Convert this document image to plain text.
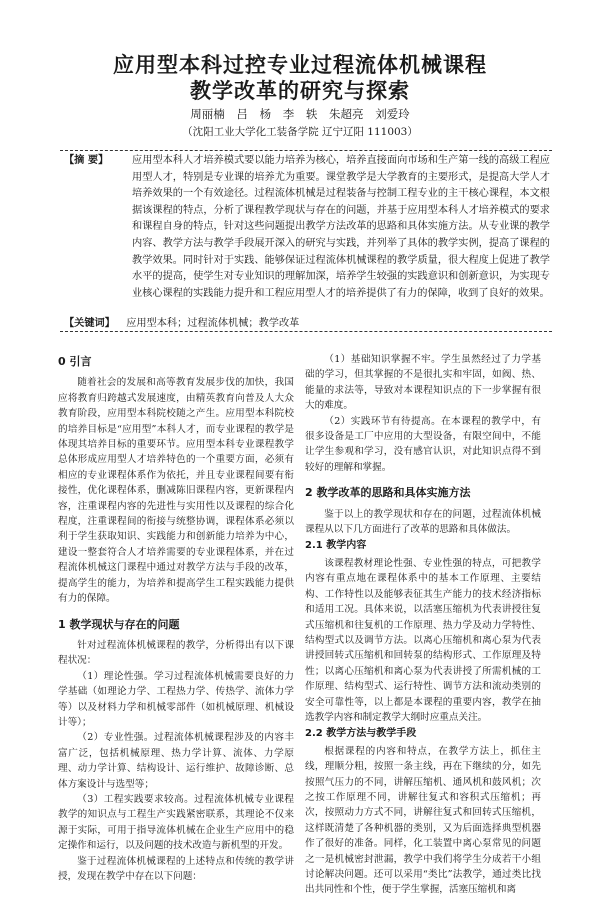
应用型本科过控专业过程流体机械课程
教学改革的研究与探索
周丽楠 吕 杨 李 轶 朱超亮 刘爱玲
（沈阳工业大学化工装备学院 辽宁辽阳 111003）
【摘 要】	应用型本科人才培养模式要以能力培养为核心，培养直接面向市场和生产第一线的高级工程应用型人才，特别是专业课的培养尤为重要。课堂教学是大学教育的主要形式，是提高大学人才培养效果的一个有效途径。过程流体机械是过程装备与控制工程专业的主干核心课程，本文根据该课程的特点，分析了课程教学现状与存在的问题，并基于应用型本科人才培养模式的要求和课程自身的特点，针对这些问题提出教学方法改革的思路和具体实施方法。从专业课的教学内容、教学方法与教学手段展开深入的研究与实践，并列举了具体的教学实例，提高了课程的教学效果。同时针对于实践、能够保证过程流体机械课程的教学质量，很大程度上促进了教学水平的提高，使学生对专业知识的理解加深，培养学生较强的实践意识和创新意识，为实现专业核心课程的实践能力提升和工程应用型人才的培养提供了有力的保障，收到了良好的效果。
【关键词】 应用型本科；过程流体机械；教学改革
0 引言

随着社会的发展和高等教育发展步伐的加快，我国应将教育归跨越式发展速度，由精英教育向普及人大众教育阶段，应用型本科院校随之产生。应用型本科院校的培养目标是“应用型”本科人才，而专业课程的教学是体现其培养目标的重要环节。应用型本科专业课程教学总体形成应用型人才培养特色的一个重要方面，必须有相应的专业课程体系作为依托，并且专业课程间要有衔接性，优化课程体系，删减陈旧课程内容，更新课程内容，注重课程内容的先进性与实用性以及课程的综合化程度，注重课程间的衔接与统整协调，课程体系必须以利于学生获取知识、实践能力和创新能力培养为中心，建设一整套符合人才培养需要的专业课程体系，并在过程流体机械这门课程中通过对教学方法与手段的改革，提高学生的能力，为培养和提高学生工程实践能力提供有力的保障。

1 教学现状与存在的问题

针对过程流体机械课程的教学，分析得出有以下课程状况：

（1）理论性强。学习过程流体机械需要良好的力学基础（如理论力学、工程热力学、传热学、流体力学等）以及材料力学和机械零部件（如机械原理、机械设计等）；

（2）专业性强。过程流体机械课程涉及的内容丰富广泛，包括机械原理、热力学计算、流体、力学原理、动力学计算、结构设计、运行维护、故障诊断、总体方案设计与选型等；

（3）工程实践要求较高。过程流体机械专业课程教学的知识点与工程生产实践紧密联系，其理论不仅来源于实际，可用于指导流体机械在企业生产应用中的稳定操作和运行，以及问题的技术改造与新机型的开发。

鉴于过程流体机械课程的上述特点和传统的教学讲授，发现在教学中存在以下问题：

（1）基础知识掌握不牢。学生虽然经过了力学基础的学习，但其掌握的不是很扎实和牢固，如阀、热、能量的求法等，导致对本课程知识点的下一步掌握有很大的难度。

（2）实践环节有待提高。在本课程的教学中，有很多设备是工厂中应用的大型设备，有限空间中，不能让学生参观和学习，没有感官认识，对此知识点得不到较好的理解和掌握。

2 教学改革的思路和具体实施方法

鉴于以上的教学现状和存在的问题，过程流体机械课程从以下几方面进行了改革的思路和具体做法。

2.1 教学内容

该课程教材理论性强、专业性强的特点，可把教学内容有重点地在课程体系中的基本工作原理、主要结构、工作特性以及能够表征其生产能力的技术经济指标和适用工况。具体来说，以活塞压缩机为代表讲授往复式压缩机和往复机的工作原理、热力学及动力学特性、结构型式以及调节方法。以离心压缩机和离心泵为代表讲授回转式压缩机和回转泵的结构形式、工作原理及特性；以离心压缩机和离心泵为代表讲授了所需机械的工作原理、结构型式、运行特性、调节方法和流动类别的安全可靠性等，以上都是本课程的重要内容，教学在抽选教学内容和制定教学大纲时应重点关注。

2.2 教学方法与教学手段

根据课程的内容和特点，在教学方法上，抓住主线，理顺分粗，按照一条主线，再在下继续的分，如先按照气压力的不同，讲解压缩机、通风机和鼓风机；次之按工作原理不同，讲解往复式和容积式压缩机；再次，按照动力方式不同，讲解往复式和回转式压缩机，这样既清楚了各种机器的类别，又为后面选择典型机器作了很好的准备。同样，化工装置中离心泵常见的问题之一是机械密封泄漏，教学中我们将学生分成若干小组讨论解决问题。还可以采用“类比”法教学，通过类比找出共同性和个性，便于学生掌握，活塞压缩机和离
